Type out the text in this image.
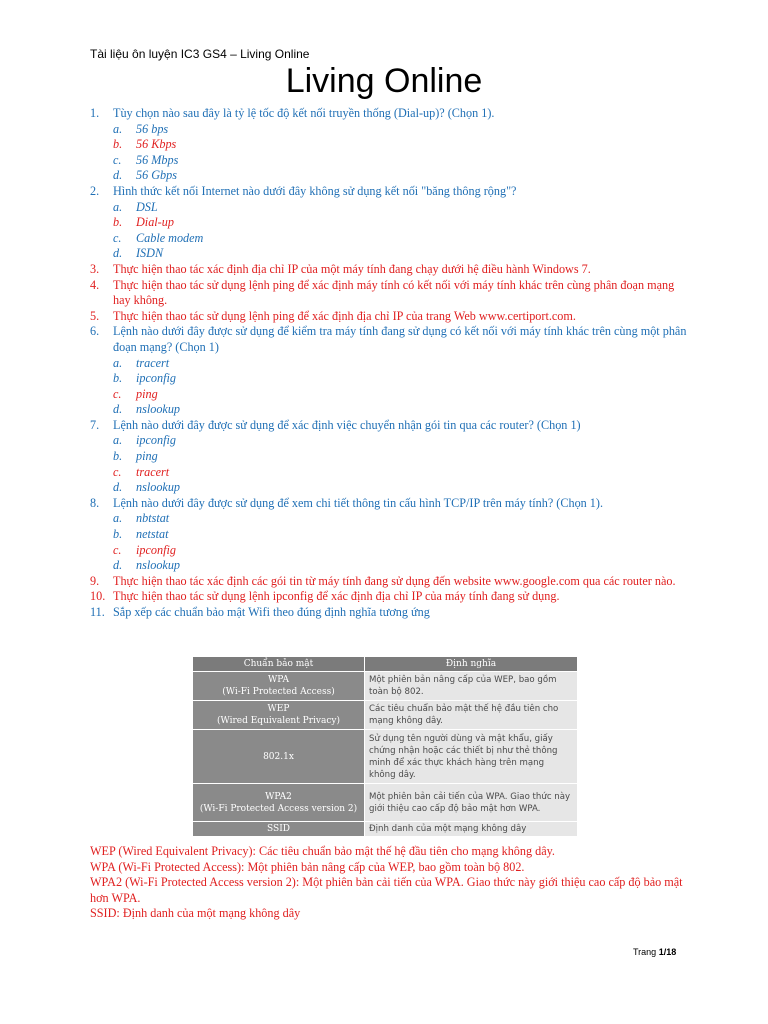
Tài liệu ôn luyện IC3 GS4 – Living Online
Living Online
1. Tùy chọn nào sau đây là tỷ lệ tốc độ kết nối truyền thống (Dial-up)? (Chọn 1).
a. 56 bps
b. 56 Kbps
c. 56 Mbps
d. 56 Gbps
2. Hình thức kết nối Internet nào dưới đây không sử dụng kết nối "băng thông rộng"?
a. DSL
b. Dial-up
c. Cable modem
d. ISDN
3. Thực hiện thao tác xác định địa chỉ IP của một máy tính đang chạy dưới hệ điều hành Windows 7.
4. Thực hiện thao tác sử dụng lệnh ping để xác định máy tính có kết nối với máy tính khác trên cùng phân đoạn mạng hay không.
5. Thực hiện thao tác sử dụng lệnh ping để xác định địa chỉ IP của trang Web www.certiport.com.
6. Lệnh nào dưới đây được sử dụng để kiểm tra máy tính đang sử dụng có kết nối với máy tính khác trên cùng một phân đoạn mạng? (Chọn 1)
a. tracert
b. ipconfig
c. ping
d. nslookup
7. Lệnh nào dưới đây được sử dụng để xác định việc chuyển nhận gói tin qua các router? (Chọn 1)
a. ipconfig
b. ping
c. tracert
d. nslookup
8. Lệnh nào dưới đây được sử dụng để xem chi tiết thông tin cấu hình TCP/IP trên máy tính? (Chọn 1).
a. nbtstat
b. netstat
c. ipconfig
d. nslookup
9. Thực hiện thao tác xác định các gói tin từ máy tính đang sử dụng đến website www.google.com qua các router nào.
10. Thực hiện thao tác sử dụng lệnh ipconfig để xác định địa chỉ IP của máy tính đang sử dụng.
11. Sắp xếp các chuẩn bảo mật Wifi theo đúng định nghĩa tương ứng
Chuẩn bảo mật	Định nghĩa
WPA
(Wi-Fi Protected Access)	Một phiên bản nâng cấp của WEP, bao gồm toàn bộ 802.
WEP
(Wired Equivalent Privacy)	Các tiêu chuẩn bảo mật thế hệ đầu tiên cho mạng không dây.
802.1x	Sử dụng tên người dùng và mật khẩu, giấy chứng nhận hoặc các thiết bị như thẻ thông minh để xác thực khách hàng trên mạng không dây.
WPA2
(Wi-Fi Protected Access version 2)	Một phiên bản cải tiến của WPA. Giao thức này giới thiệu cao cấp độ bảo mật hơn WPA.
SSID	Định danh của một mạng không dây
WEP (Wired Equivalent Privacy): Các tiêu chuẩn bảo mật thế hệ đầu tiên cho mạng không dây.
WPA (Wi-Fi Protected Access): Một phiên bản nâng cấp của WEP, bao gồm toàn bộ 802.
WPA2 (Wi-Fi Protected Access version 2): Một phiên bản cải tiến của WPA. Giao thức này giới thiệu cao cấp độ bảo mật hơn WPA.
SSID: Định danh của một mạng không dây
Trang 1/18
